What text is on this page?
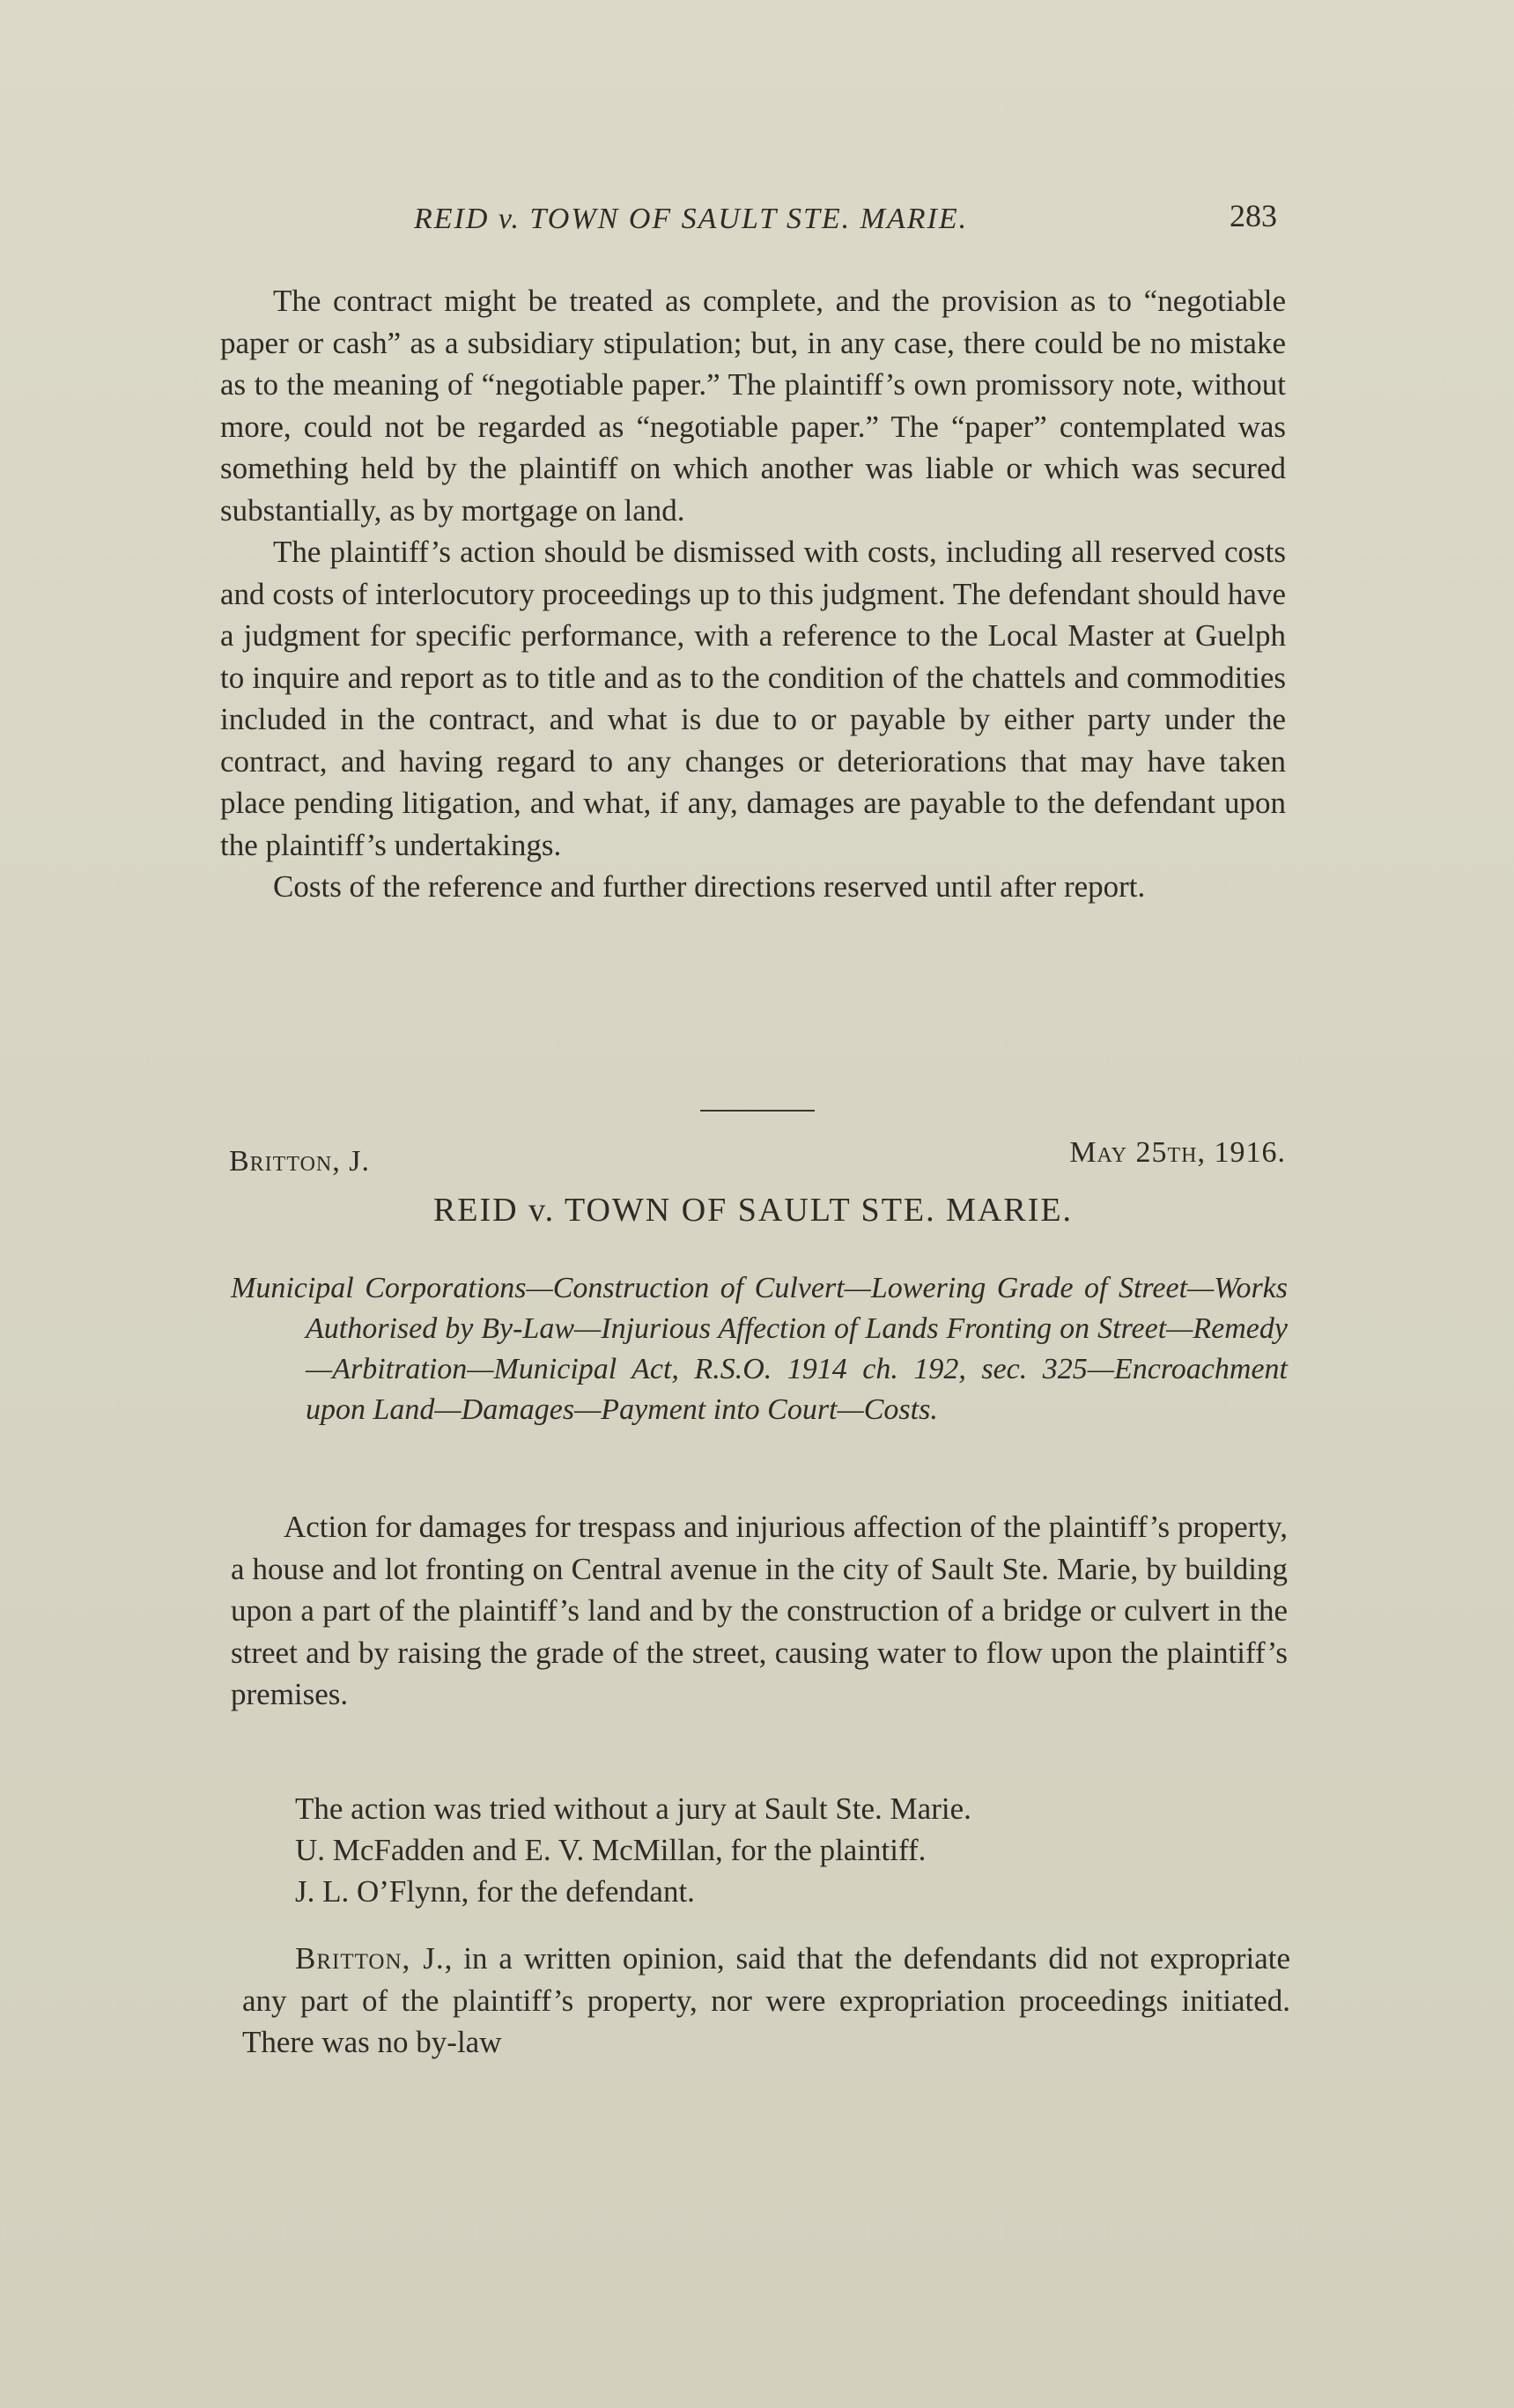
REID v. TOWN OF SAULT STE. MARIE.	283

The contract might be treated as complete, and the provision as to “negotiable paper or cash” as a subsidiary stipulation; but, in any case, there could be no mistake as to the meaning of “negotiable paper.” The plaintiff’s own promissory note, without more, could not be regarded as “negotiable paper.” The “paper” contemplated was something held by the plaintiff on which another was liable or which was secured substantially, as by mortgage on land.

The plaintiff’s action should be dismissed with costs, including all reserved costs and costs of interlocutory proceedings up to this judgment. The defendant should have a judgment for specific performance, with a reference to the Local Master at Guelph to inquire and report as to title and as to the condition of the chattels and commodities included in the contract, and what is due to or payable by either party under the contract, and having regard to any changes or deteriorations that may have taken place pending litigation, and what, if any, damages are payable to the defendant upon the plaintiff’s undertakings.

Costs of the reference and further directions reserved until after report.

Britton, J.	May 25th, 1916.
REID v. TOWN OF SAULT STE. MARIE.
Municipal Corporations—Construction of Culvert—Lowering Grade of Street—Works Authorised by By-Law—Injurious Affection of Lands Fronting on Street—Remedy—Arbitration—Municipal Act, R.S.O. 1914 ch. 192, sec. 325—Encroachment upon Land—Damages—Payment into Court—Costs.

Action for damages for trespass and injurious affection of the plaintiff’s property, a house and lot fronting on Central avenue in the city of Sault Ste. Marie, by building upon a part of the plaintiff’s land and by the construction of a bridge or culvert in the street and by raising the grade of the street, causing water to flow upon the plaintiff’s premises.

The action was tried without a jury at Sault Ste. Marie.
U. McFadden and E. V. McMillan, for the plaintiff.
J. L. O’Flynn, for the defendant.

Britton, J., in a written opinion, said that the defendants did not expropriate any part of the plaintiff’s property, nor were expropriation proceedings initiated. There was no by-law
